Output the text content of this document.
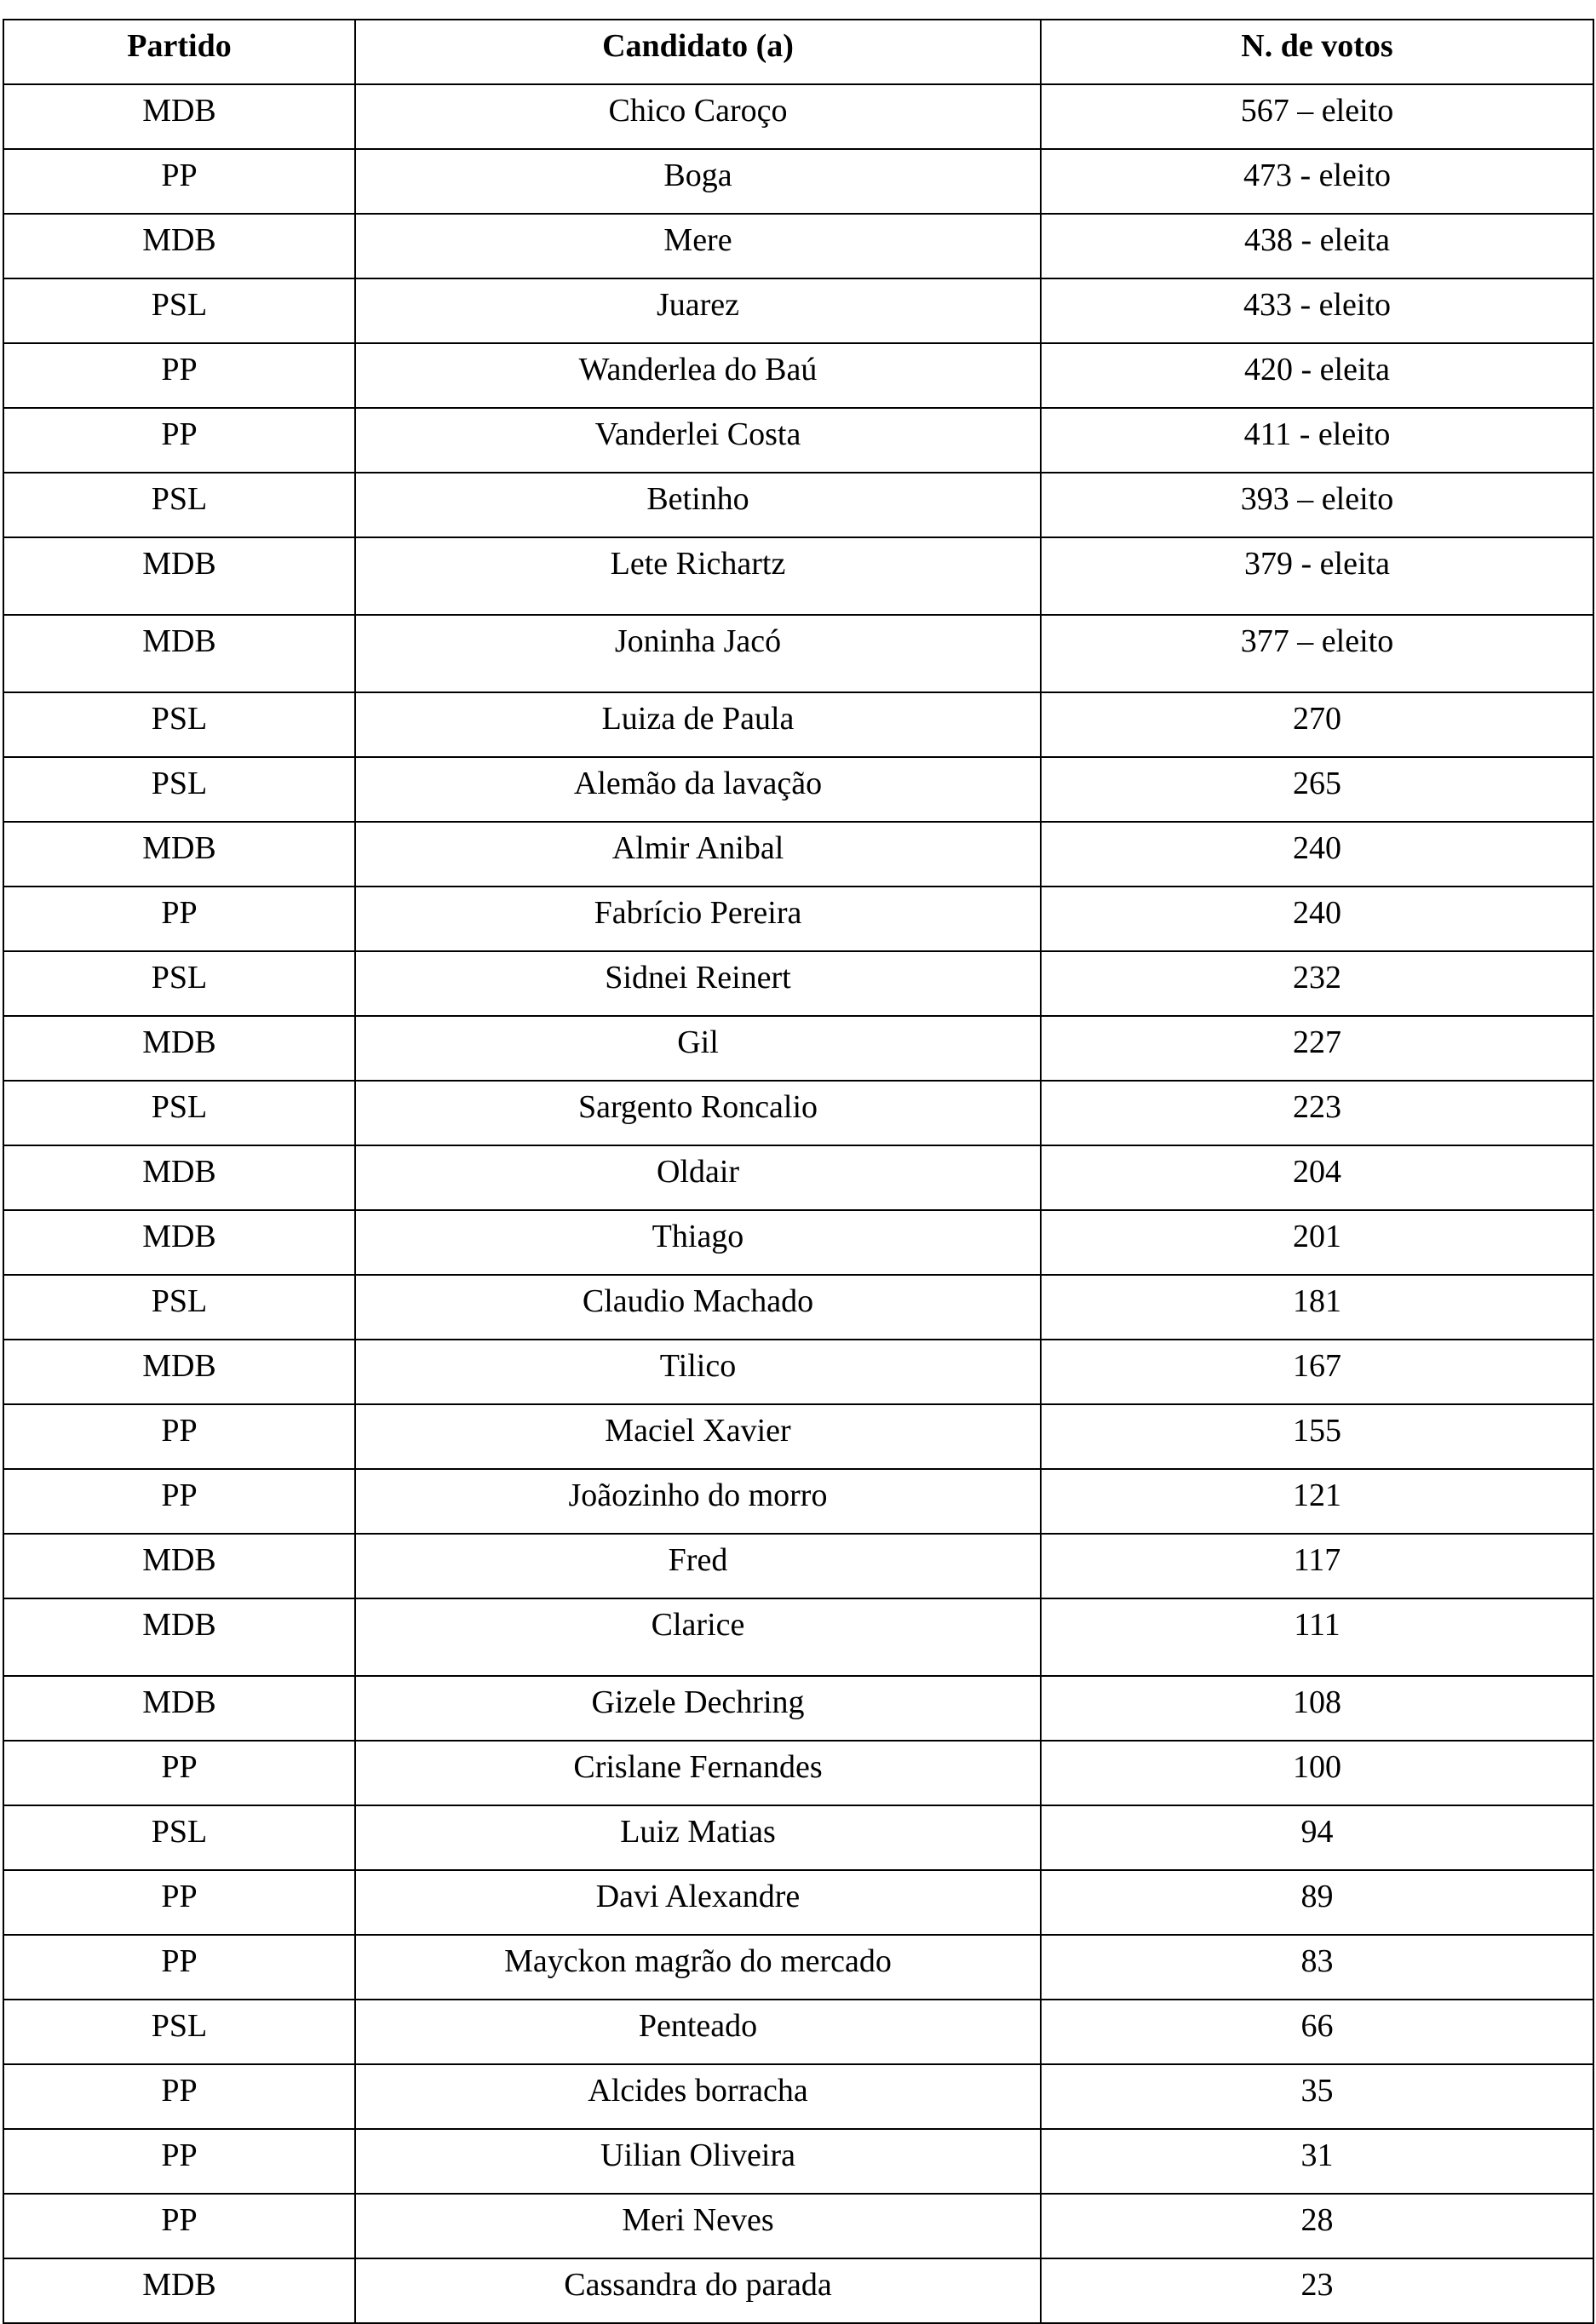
Partido	Candidato (a)	N. de votos
MDB	Chico Caroço	567 – eleito
PP	Boga	473 - eleito
MDB	Mere	438 - eleita
PSL	Juarez	433 - eleito
PP	Wanderlea do Baú	420 - eleita
PP	Vanderlei Costa	411 - eleito
PSL	Betinho	393 – eleito
MDB	Lete Richartz	379 - eleita
MDB	Joninha Jacó	377 – eleito
PSL	Luiza de Paula	270
PSL	Alemão da lavação	265
MDB	Almir Anibal	240
PP	Fabrício Pereira	240
PSL	Sidnei Reinert	232
MDB	Gil	227
PSL	Sargento Roncalio	223
MDB	Oldair	204
MDB	Thiago	201
PSL	Claudio Machado	181
MDB	Tilico	167
PP	Maciel Xavier	155
PP	Joãozinho do morro	121
MDB	Fred	117
MDB	Clarice	111
MDB	Gizele Dechring	108
PP	Crislane Fernandes	100
PSL	Luiz Matias	94
PP	Davi Alexandre	89
PP	Mayckon magrão do mercado	83
PSL	Penteado	66
PP	Alcides borracha	35
PP	Uilian Oliveira	31
PP	Meri Neves	28
MDB	Cassandra do parada	23
